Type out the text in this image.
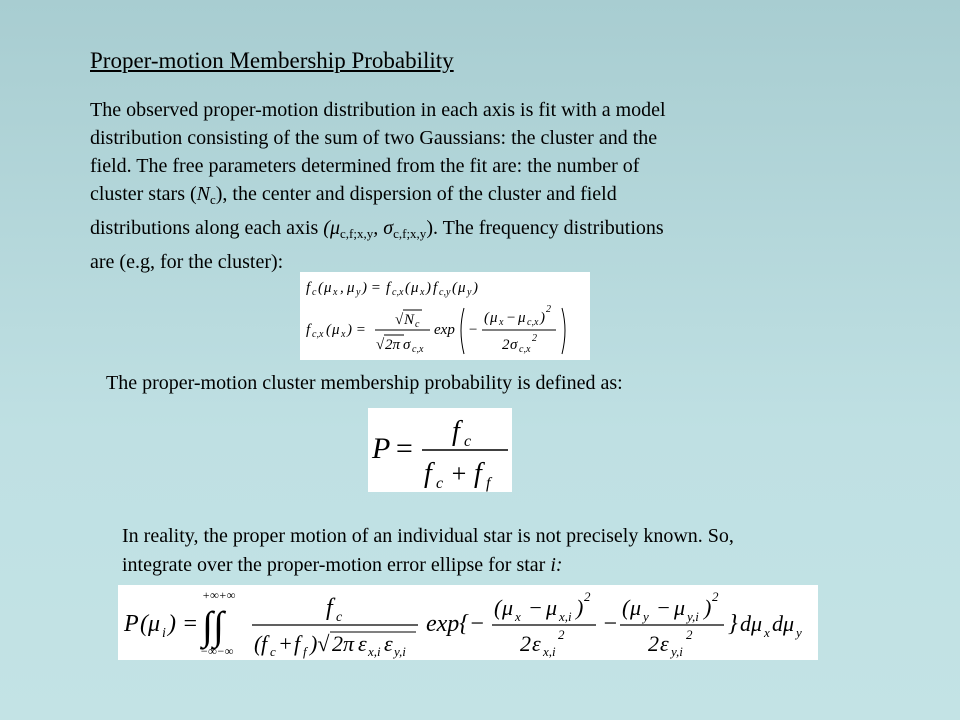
Proper-motion Membership Probability
The observed proper-motion distribution in each axis is fit with a model
distribution consisting of the sum of two Gaussians: the cluster and the
field. The free parameters determined from the fit are: the number of
cluster stars $(N_c)$, the center and dispersion of the cluster and field
distributions along each axis ($\mu_{c,f;x,y}$, $\sigma_{c,f;x,y}$). The frequency distributions
are (e.g, for the cluster):
f c ( μ x , μ y ) = f c,x ( μ x ) f c,y ( μ y )
f c,x ( μ x ) =
√ N c
√ 2π σ c,x
exp −
( μ x − μ c,x )
2
2 σ c,x
2
The proper-motion cluster membership probability is defined as:
P =
f c
f c + f f
In reality, the proper motion of an individual star is not precisely known. So,
integrate over the proper-motion error ellipse for star i:
P ( μ i ) =
+∞+∞
∫∫
−∞−∞
f c
( f c + f f )√ 2π ε x,i ε y,i
exp{−
( μ x − μ x,i ) 2
2 ε x,i
2 −
( μ y − μ y,i ) 2
2 ε y,i
2 } dμ x dμ y
